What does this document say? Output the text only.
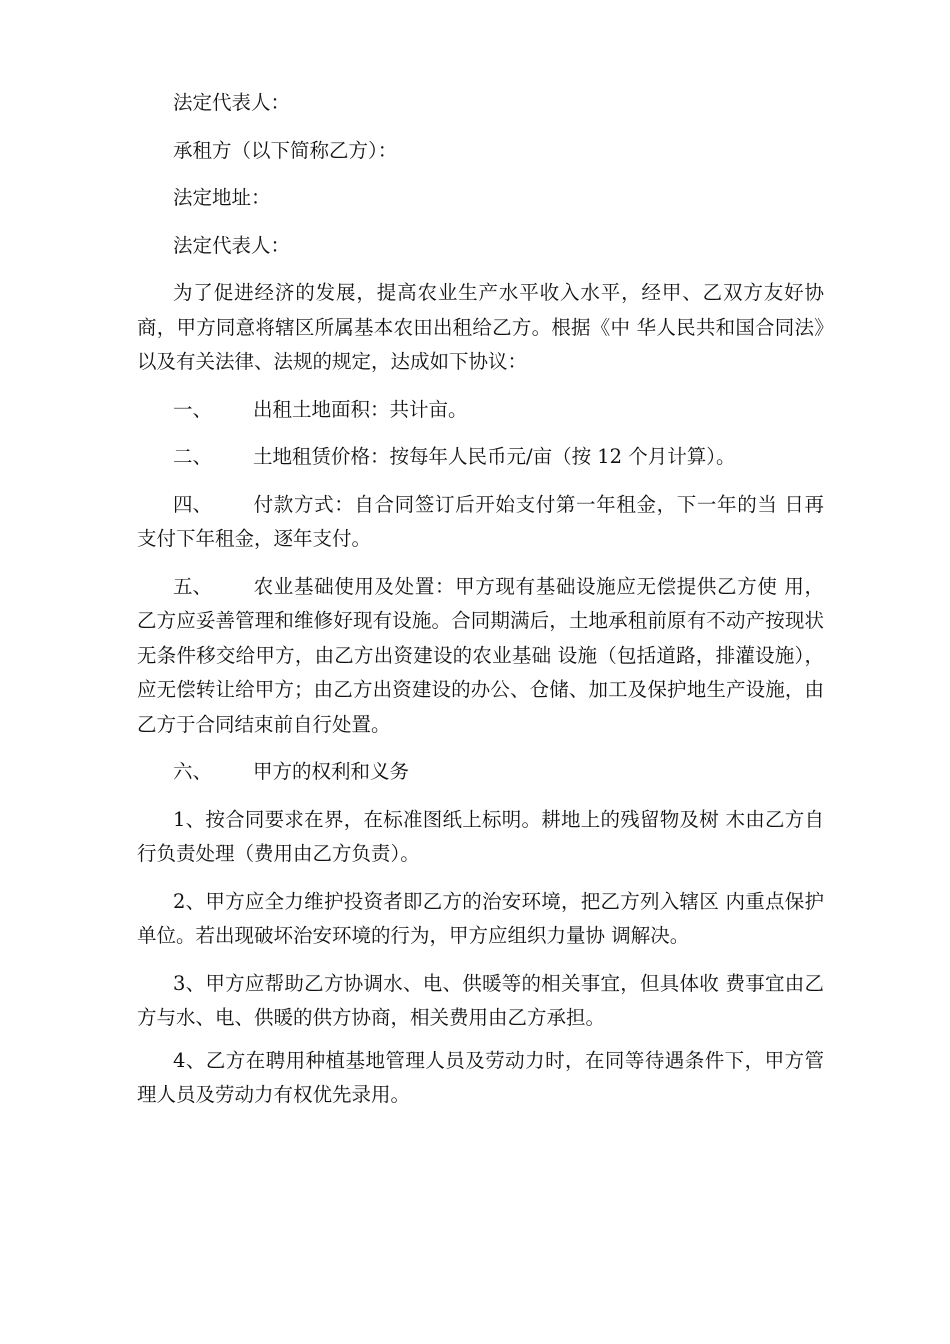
法定代表人：

承租方（以下简称乙方）：

法定地址：

法定代表人：

为了促进经济的发展，提高农业生产水平收入水平，经甲、乙双方友好协商，甲方同意将辖区所属基本农田出租给乙方。根据《中 华人民共和国合同法》以及有关法律、法规的规定，达成如下协议：

一、 出租土地面积：共计亩。

二、 土地租赁价格：按每年人民币元/亩（按 12 个月计算）。

四、 付款方式：自合同签订后开始支付第一年租金，下一年的当 日再支付下年租金，逐年支付。

五、 农业基础使用及处置：甲方现有基础设施应无偿提供乙方使 用，乙方应妥善管理和维修好现有设施。合同期满后，土地承租前原有不动产按现状无条件移交给甲方，由乙方出资建设的农业基础 设施（包括道路，排灌设施），应无偿转让给甲方；由乙方出资建设的办公、仓储、加工及保护地生产设施，由乙方于合同结束前自行处置。

六、 甲方的权利和义务

1、按合同要求在界，在标准图纸上标明。耕地上的残留物及树 木由乙方自行负责处理（费用由乙方负责）。

2、甲方应全力维护投资者即乙方的治安环境，把乙方列入辖区 内重点保护单位。若出现破坏治安环境的行为，甲方应组织力量协 调解决。

3、甲方应帮助乙方协调水、电、供暖等的相关事宜，但具体收 费事宜由乙方与水、电、供暖的供方协商，相关费用由乙方承担。

4、乙方在聘用种植基地管理人员及劳动力时，在同等待遇条件下，甲方管理人员及劳动力有权优先录用。
